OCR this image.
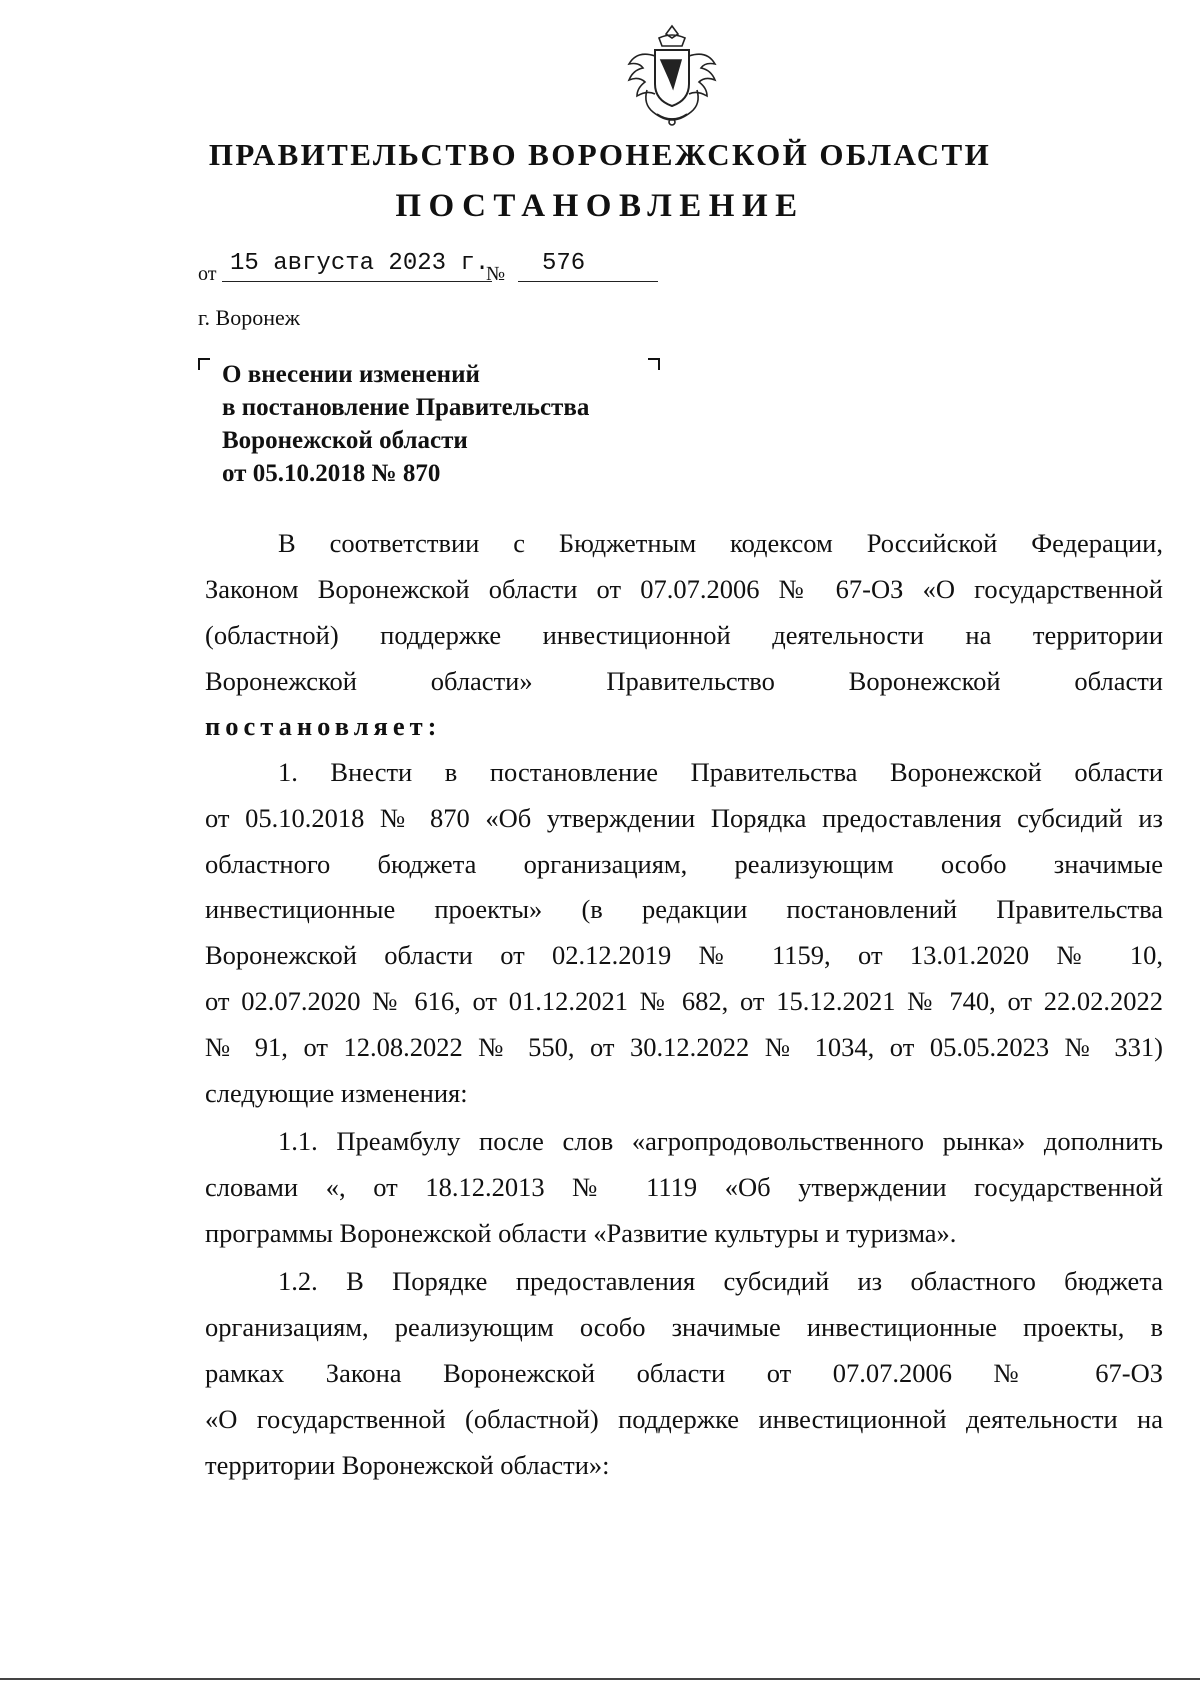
ПРАВИТЕЛЬСТВО ВОРОНЕЖСКОЙ ОБЛАСТИ
ПОСТАНОВЛЕНИЕ
от 15 августа 2023 г.
№	576
г. Воронеж
О внесении изменений
в постановление Правительства
Воронежской области
от 05.10.2018 № 870
В соответствии с Бюджетным кодексом Российской Федерации,
Законом Воронежской области от 07.07.2006 № 67-ОЗ «О государственной
(областной) поддержке инвестиционной деятельности на территории
Воронежской области» Правительство Воронежской области
постановляет:
1. Внести в постановление Правительства Воронежской области
от 05.10.2018 № 870 «Об утверждении Порядка предоставления субсидий из
областного бюджета организациям, реализующим особо значимые
инвестиционные проекты» (в редакции постановлений Правительства
Воронежской области от 02.12.2019 № 1159, от 13.01.2020 № 10,
от 02.07.2020 № 616, от 01.12.2021 № 682, от 15.12.2021 № 740, от 22.02.2022
№ 91, от 12.08.2022 № 550, от 30.12.2022 № 1034, от 05.05.2023 № 331)
следующие изменения:
1.1. Преамбулу после слов «агропродовольственного рынка» дополнить
словами «, от 18.12.2013 № 1119 «Об утверждении государственной
программы Воронежской области «Развитие культуры и туризма».
1.2. В Порядке предоставления субсидий из областного бюджета
организациям, реализующим особо значимые инвестиционные проекты, в
рамках Закона Воронежской области от 07.07.2006 № 67-ОЗ
«О государственной (областной) поддержке инвестиционной деятельности на
территории Воронежской области»:
